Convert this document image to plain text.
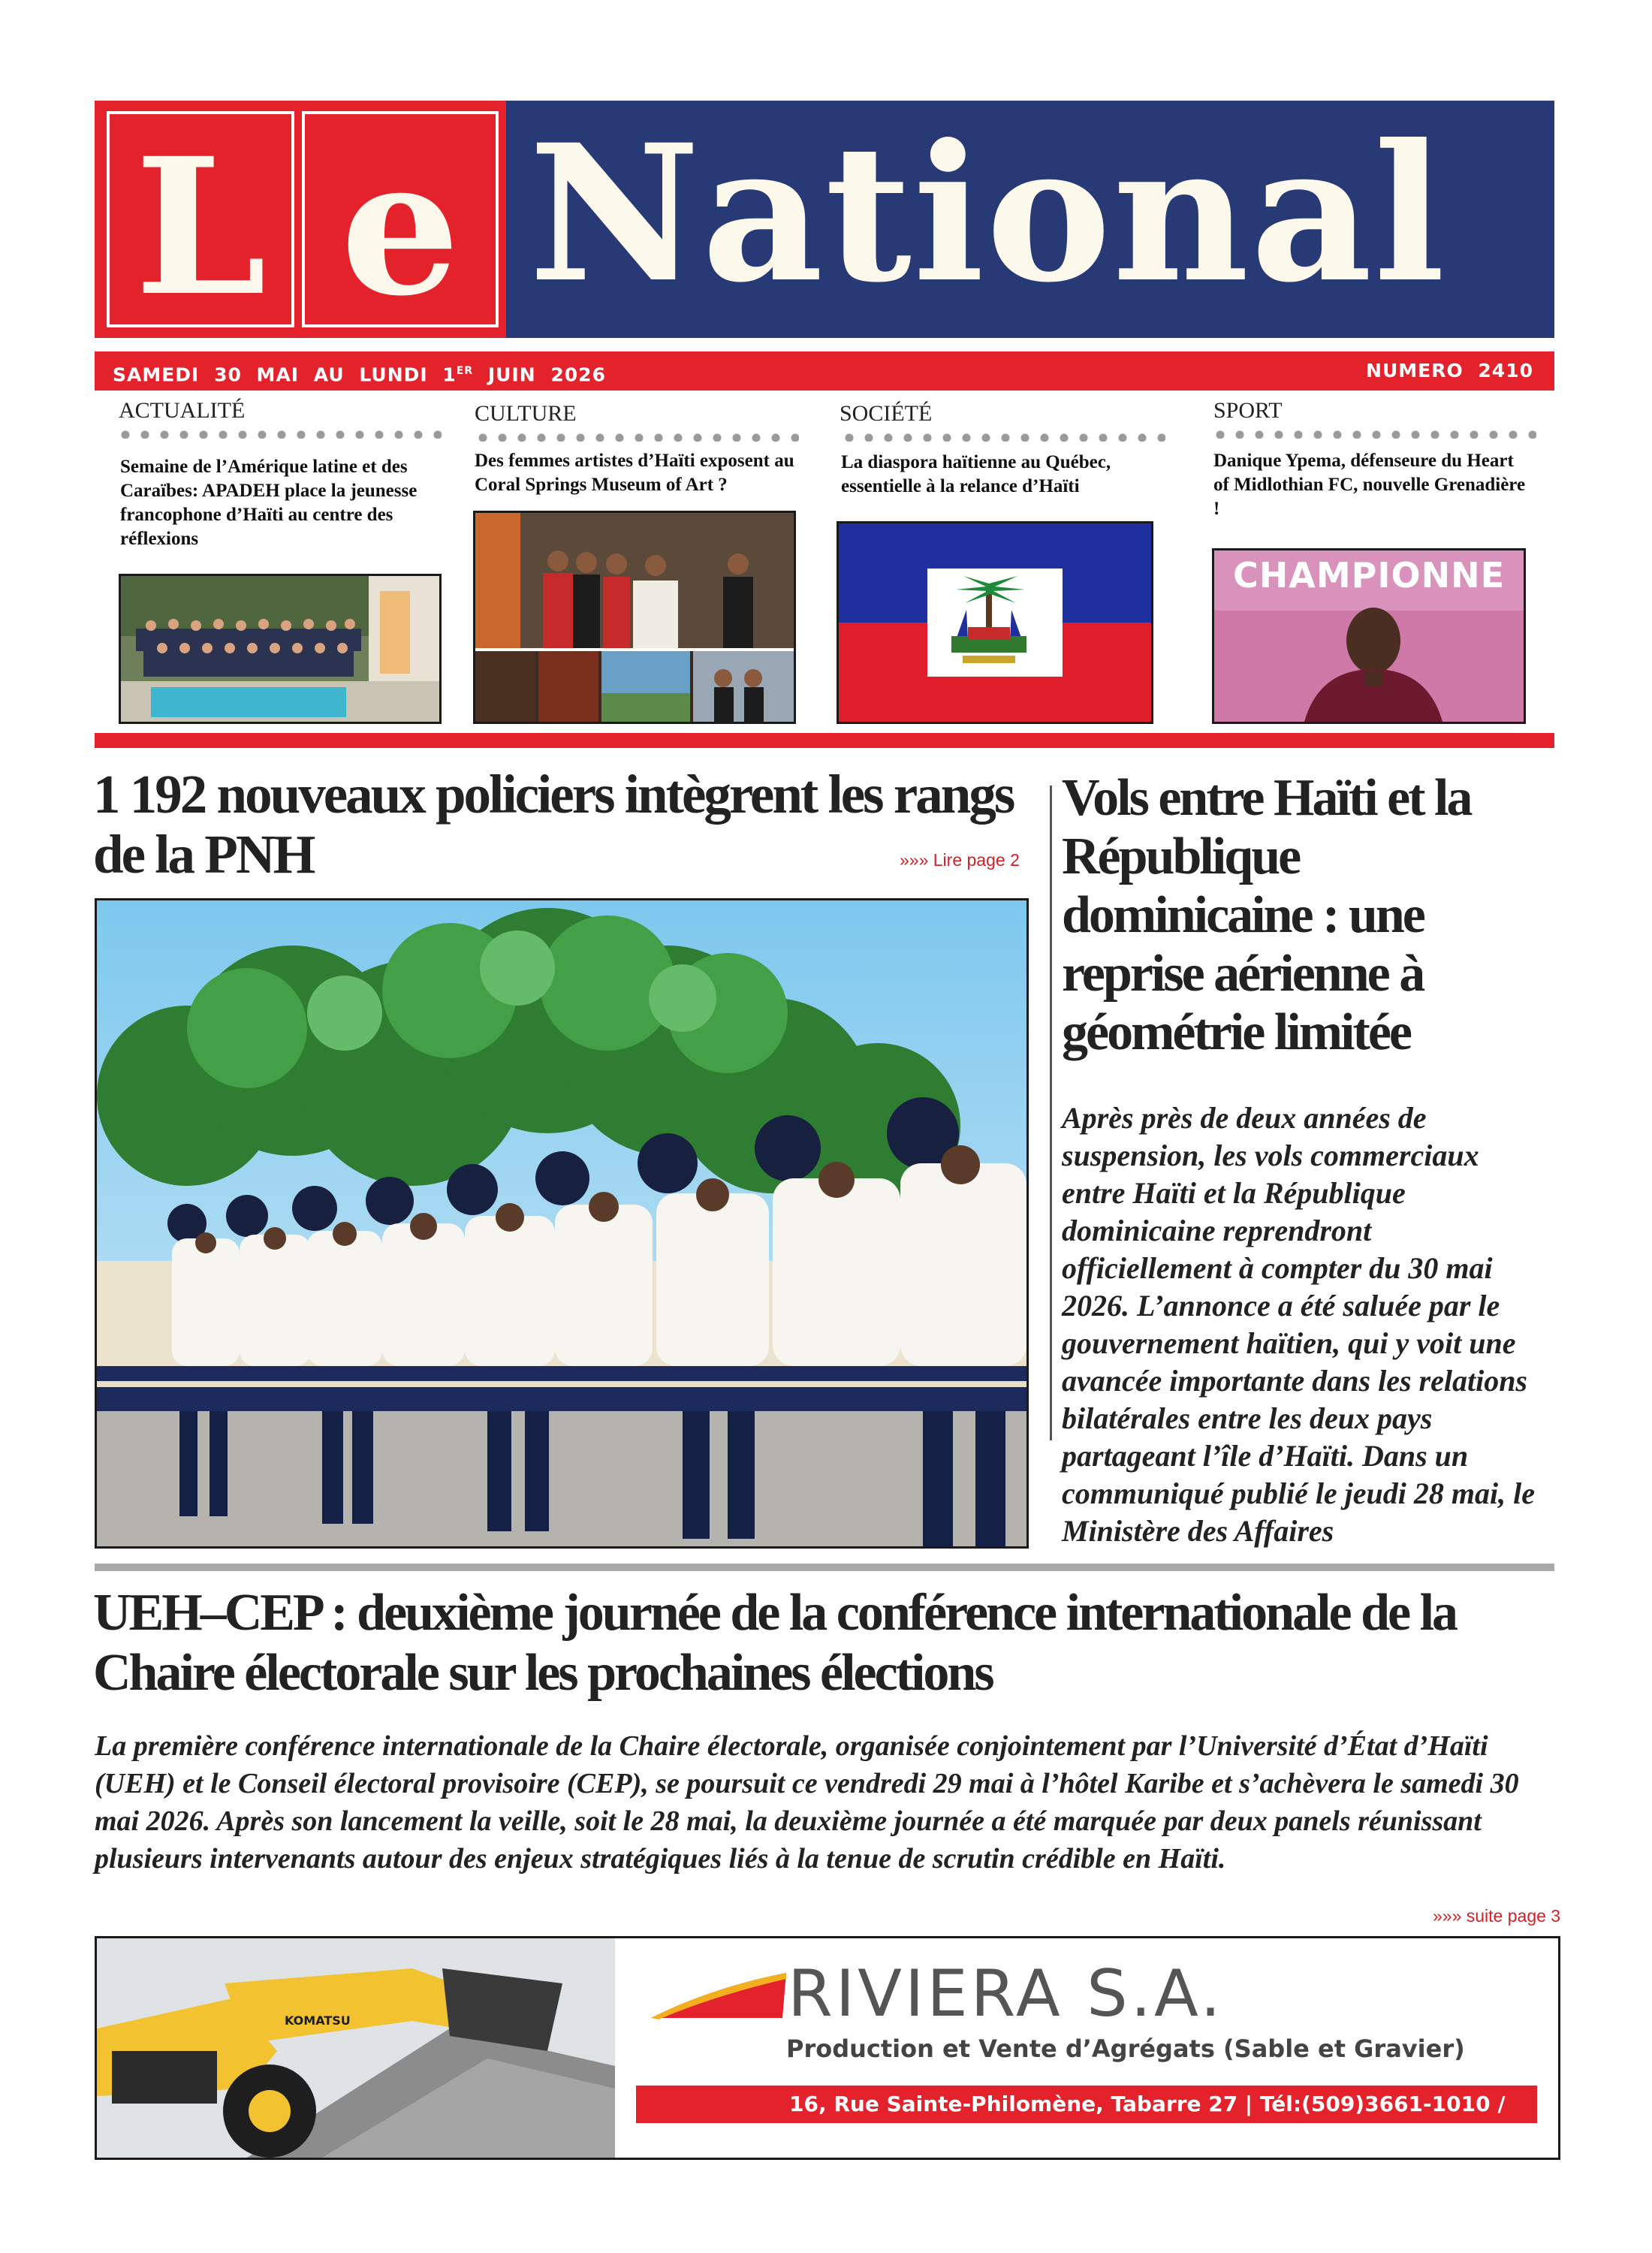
L e National
SAMEDI 30 MAI AU LUNDI 1ER JUIN 2026	NUMERO 2410
ACTUALITÉ
Semaine de l’Amérique latine et des Caraïbes: APADEH place la jeunesse francophone d’Haïti au centre des réflexions
CULTURE
Des femmes artistes d’Haïti exposent au Coral Springs Museum of Art ?
SOCIÉTÉ
La diaspora haïtienne au Québec, essentielle à la relance d’Haïti
SPORT
Danique Ypema, défenseure du Heart of Midlothian FC, nouvelle Grenadière !
CHAMPIONNE
1 192 nouveaux policiers intègrent les rangs de la PNH	»»» Lire page 2
Vols entre Haïti et la République dominicaine : une reprise aérienne à géométrie limitée
Après près de deux années de suspension, les vols commerciaux entre Haïti et la République dominicaine reprendront officiellement à compter du 30 mai 2026. L’annonce a été saluée par le gouvernement haïtien, qui y voit une avancée importante dans les relations bilatérales entre les deux pays partageant l’île d’Haïti. Dans un communiqué publié le jeudi 28 mai, le Ministère des Affaires
UEH–CEP : deuxième journée de la conférence internationale de la Chaire électorale sur les prochaines élections
La première conférence internationale de la Chaire électorale, organisée conjointement par l’Université d’État d’Haïti (UEH) et le Conseil électoral provisoire (CEP), se poursuit ce vendredi 29 mai à l’hôtel Karibe et s’achèvera le samedi 30 mai 2026. Après son lancement la veille, soit le 28 mai, la deuxième journée a été marquée par deux panels réunissant plusieurs intervenants autour des enjeux stratégiques liés à la tenue de scrutin crédible en Haïti.
»»» suite page 3
KOMATSU	RIVIERA S.A.
Production et Vente d’Agrégats (Sable et Gravier)
16, Rue Sainte-Philomène, Tabarre 27 | Tél:(509)3661-1010 / 2946-0505
